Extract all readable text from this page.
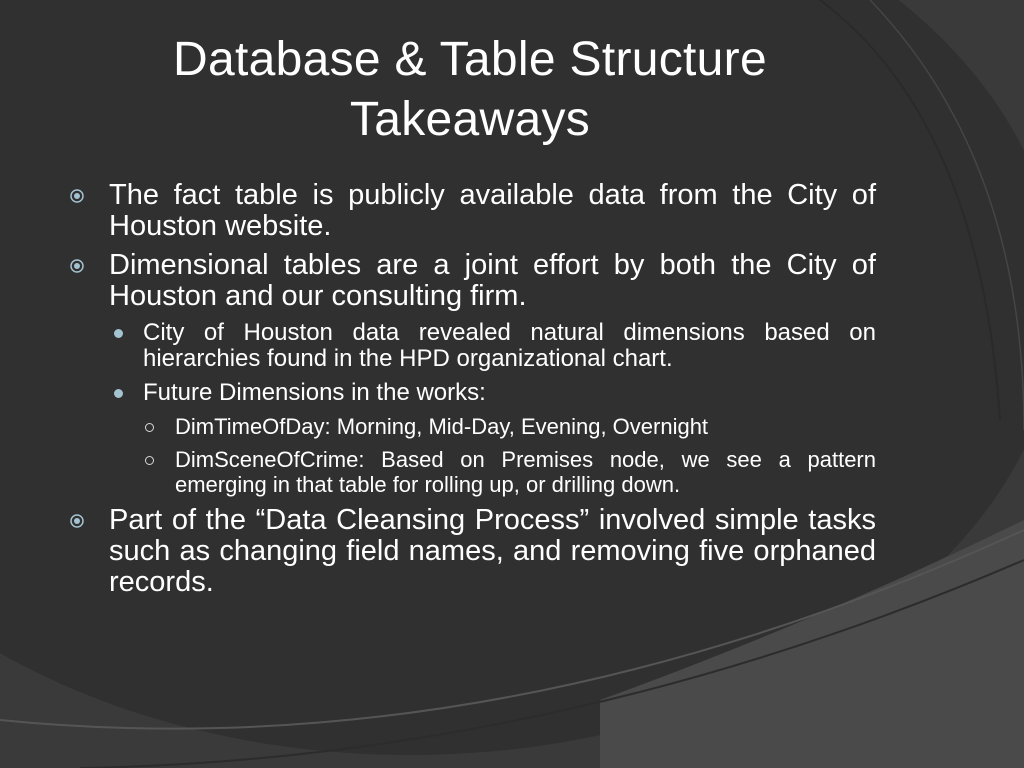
Database & Table Structure
Takeaways
The fact table is publicly available data from the City of Houston website.
Dimensional tables are a joint effort by both the City of Houston and our consulting firm.
City of Houston data revealed natural dimensions based on hierarchies found in the HPD organizational chart.
Future Dimensions in the works:
DimTimeOfDay: Morning, Mid-Day, Evening, Overnight
DimSceneOfCrime: Based on Premises node, we see a pattern emerging in that table for rolling up, or drilling down.
Part of the “Data Cleansing Process” involved simple tasks such as changing field names, and removing five orphaned records.
